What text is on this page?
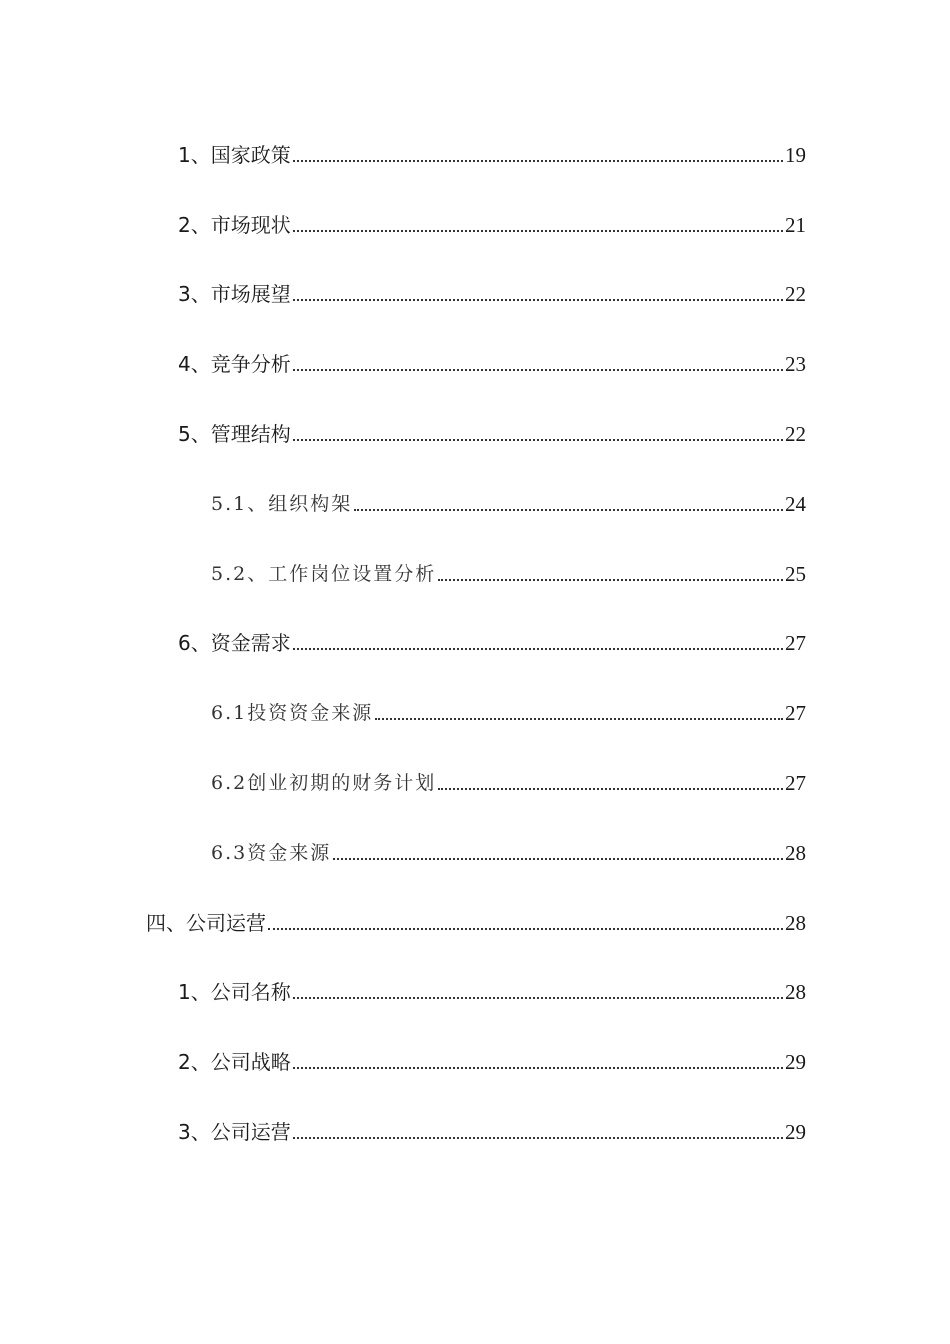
1、国家政策	19
2、市场现状	21
3、市场展望	22
4、竞争分析	23
5、管理结构	22
5.1、组织构架	24
5.2、工作岗位设置分析	25
6、资金需求	27
6.1投资资金来源	27
6.2创业初期的财务计划	27
6.3资金来源	28
四、公司运营	28
1、公司名称	28
2、公司战略	29
3、公司运营	29
